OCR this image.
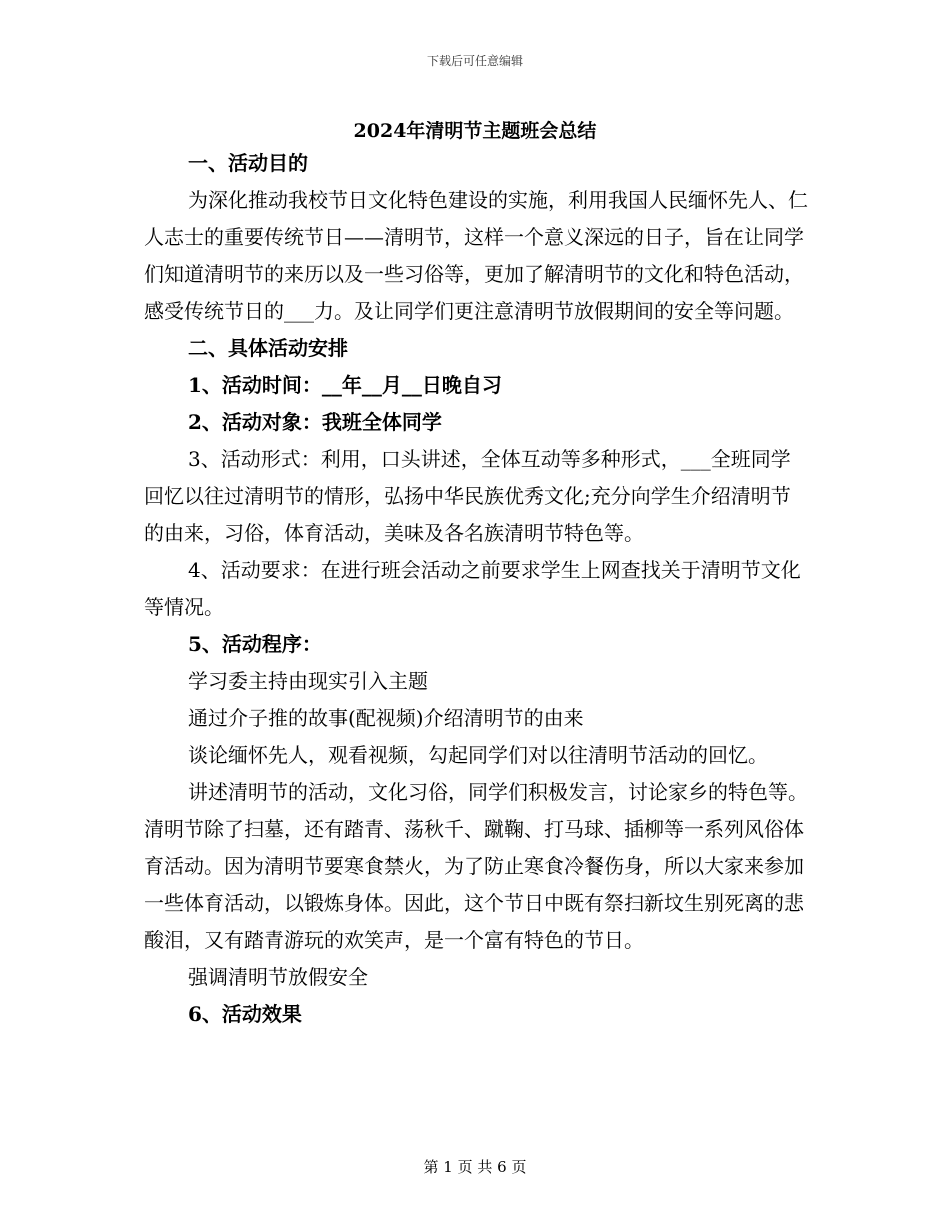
下载后可任意编辑
2024年清明节主题班会总结

一、活动目的

为深化推动我校节日文化特色建设的实施，利用我国人民缅怀先人、仁人志士的重要传统节日——清明节，这样一个意义深远的日子，旨在让同学们知道清明节的来历以及一些习俗等，更加了解清明节的文化和特色活动，感受传统节日的___力。及让同学们更注意清明节放假期间的安全等问题。

二、具体活动安排

1、活动时间：__年__月__日晚自习

2、活动对象：我班全体同学

3、活动形式：利用，口头讲述，全体互动等多种形式，___全班同学回忆以往过清明节的情形，弘扬中华民族优秀文化;充分向学生介绍清明节的由来，习俗，体育活动，美味及各名族清明节特色等。

4、活动要求：在进行班会活动之前要求学生上网查找关于清明节文化等情况。

5、活动程序：

学习委主持由现实引入主题

通过介子推的故事(配视频)介绍清明节的由来

谈论缅怀先人，观看视频，勾起同学们对以往清明节活动的回忆。

讲述清明节的活动，文化习俗，同学们积极发言，讨论家乡的特色等。清明节除了扫墓，还有踏青、荡秋千、蹴鞠、打马球、插柳等一系列风俗体育活动。因为清明节要寒食禁火，为了防止寒食冷餐伤身，所以大家来参加一些体育活动，以锻炼身体。因此，这个节日中既有祭扫新坟生别死离的悲酸泪，又有踏青游玩的欢笑声，是一个富有特色的节日。

强调清明节放假安全

6、活动效果

第 1 页 共 6 页
